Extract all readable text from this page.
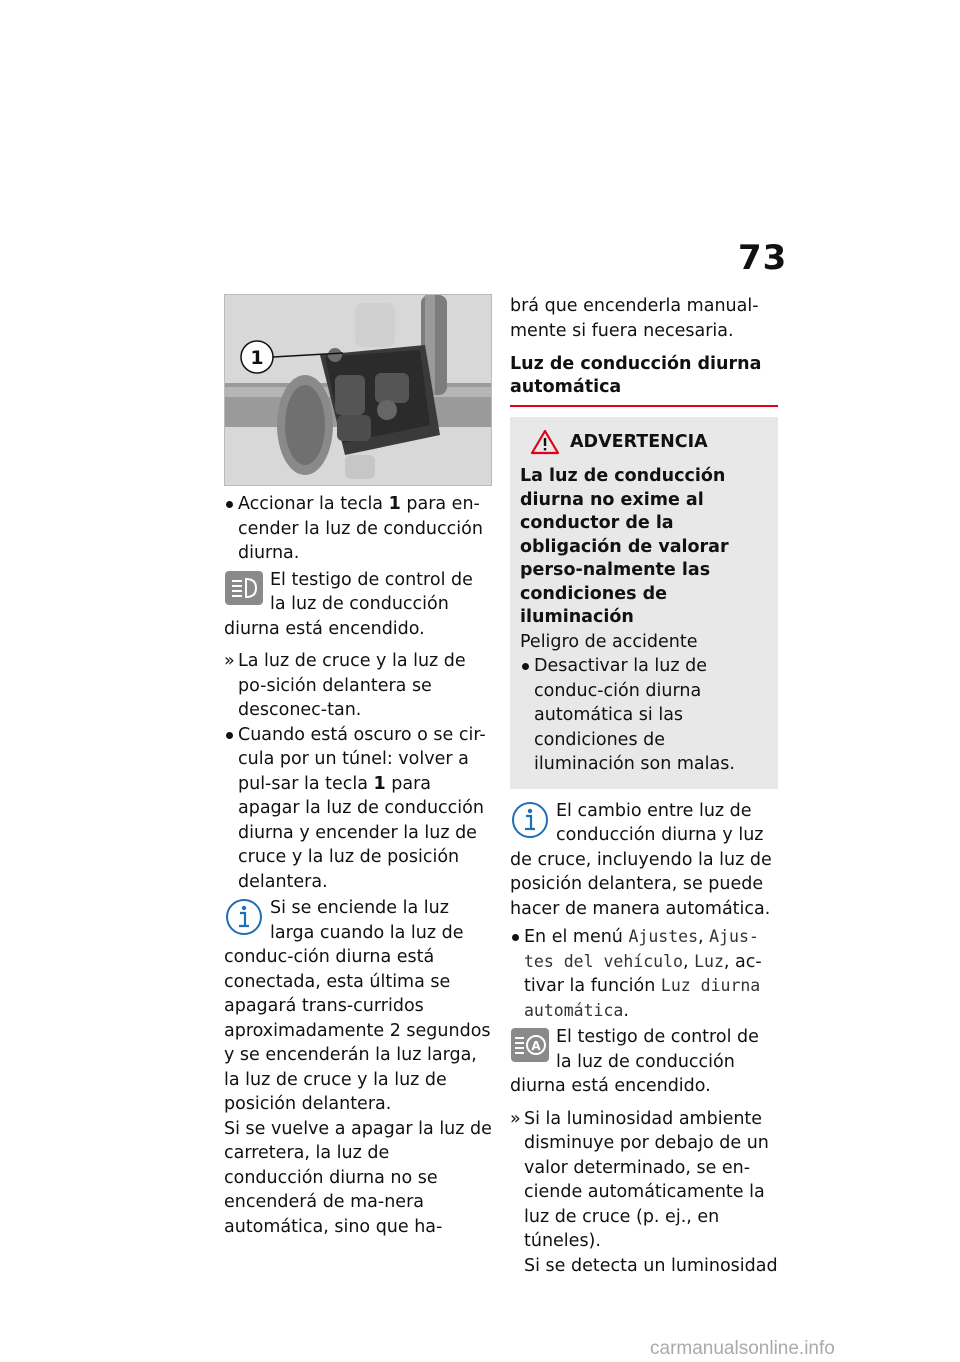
73
1

Accionar la tecla 1 para en-cender la luz de conducción diurna.

El testigo de control de la luz de conducción diurna está encendido.

» La luz de cruce y la luz de po-sición delantera se desconec-tan.

Cuando está oscuro o se cir-cula por un túnel: volver a pul-sar la tecla 1 para apagar la luz de conducción diurna y encender la luz de cruce y la luz de posición delantera.

Si se enciende la luz larga cuando la luz de conduc-ción diurna está conectada, esta última se apagará trans-curridos aproximadamente 2 segundos y se encenderán la luz larga, la luz de cruce y la luz de posición delantera.

Si se vuelve a apagar la luz de carretera, la luz de conducción diurna no se encenderá de ma-nera automática, sino que ha-

brá que encenderla manual-mente si fuera necesaria.

Luz de conducción diurna automática
ADVERTENCIA

La luz de conducción diurna no exime al conductor de la obligación de valorar perso-nalmente las condiciones de iluminación

Peligro de accidente

Desactivar la luz de conduc-ción diurna automática si las condiciones de iluminación son malas.

El cambio entre luz de conducción diurna y luz de cruce, incluyendo la luz de posición delantera, se puede hacer de manera automática.

En el menú Ajustes, Ajus-tes del vehículo, Luz, ac-tivar la función Luz diurna automática.

A El testigo de control de la luz de conducción diurna está encendido.

» Si la luminosidad ambiente disminuye por debajo de un valor determinado, se en-ciende automáticamente la luz de cruce (p. ej., en túneles).

Si se detecta un luminosidad

carmanualsonline.info
